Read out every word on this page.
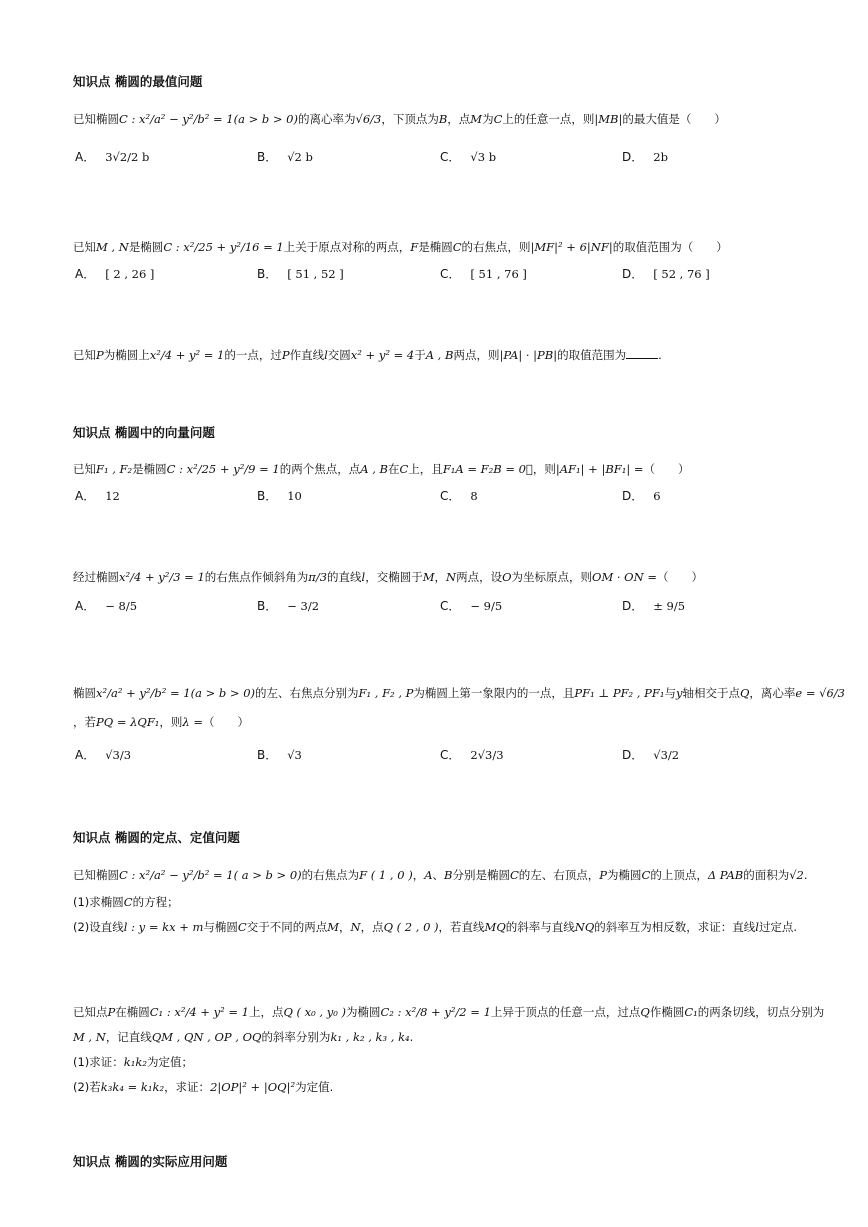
知识点 椭圆的最值问题
已知椭圆C : x²/a² − y²/b² = 1(a > b > 0)的离心率为√6/3，下顶点为B，点M为C上的任意一点，则|MB|的最大值是（　　）
A． 3√2/2 b	B． √2 b	C． √3 b	D． 2b
已知M , N是椭圆C : x²/25 + y²/16 = 1上关于原点对称的两点，F是椭圆C的右焦点，则|MF|² + 6|NF|的取值范围为（　　）
A． [ 2 , 26 ]	B． [ 51 , 52 ]	C． [ 51 , 76 ]	D． [ 52 , 76 ]
已知P为椭圆上x²/4 + y² = 1的一点，过P作直线l交圆x² + y² = 4于A , B两点，则|PA| · |PB|的取值范围为	.
知识点 椭圆中的向量问题
已知F₁ , F₂是椭圆C : x²/25 + y²/9 = 1的两个焦点，点A , B在C上，且F₁A = F₂B = 0⃗，则|AF₁| + |BF₁| =（　　）
A． 12	B． 10	C． 8	D． 6
经过椭圆x²/4 + y²/3 = 1的右焦点作倾斜角为π/3的直线l，交椭圆于M，N两点，设O为坐标原点，则OM · ON =（　　）
A． − 8/5	B． − 3/2	C． − 9/5	D． ± 9/5
椭圆x²/a² + y²/b² = 1(a > b > 0)的左、右焦点分别为F₁ , F₂ , P为椭圆上第一象限内的一点，且PF₁ ⊥ PF₂ , PF₁与y轴相交于点Q，离心率e = √6/3
，若PQ = λQF₁，则λ =（　　）
A． √3/3	B． √3	C． 2√3/3	D． √3/2
知识点 椭圆的定点、定值问题
已知椭圆C : x²/a² − y²/b² = 1( a > b > 0)的右焦点为F ( 1 , 0 )，A、B分别是椭圆C的左、右顶点，P为椭圆C的上顶点，Δ PAB的面积为√2.
(1)求椭圆C的方程；
(2)设直线l : y = kx + m与椭圆C交于不同的两点M，N，点Q ( 2 , 0 )，若直线MQ的斜率与直线NQ的斜率互为相反数，求证：直线l过定点.
已知点P在椭圆C₁ : x²/4 + y² = 1上，点Q ( x₀ , y₀ )为椭圆C₂ : x²/8 + y²/2 = 1上异于顶点的任意一点，过点Q作椭圆C₁的两条切线，切点分别为
M , N，记直线QM , QN , OP , OQ的斜率分别为k₁ , k₂ , k₃ , k₄.
(1)求证：k₁k₂为定值；
(2)若k₃k₄ = k₁k₂，求证：2|OP|² + |OQ|²为定值.
知识点 椭圆的实际应用问题
